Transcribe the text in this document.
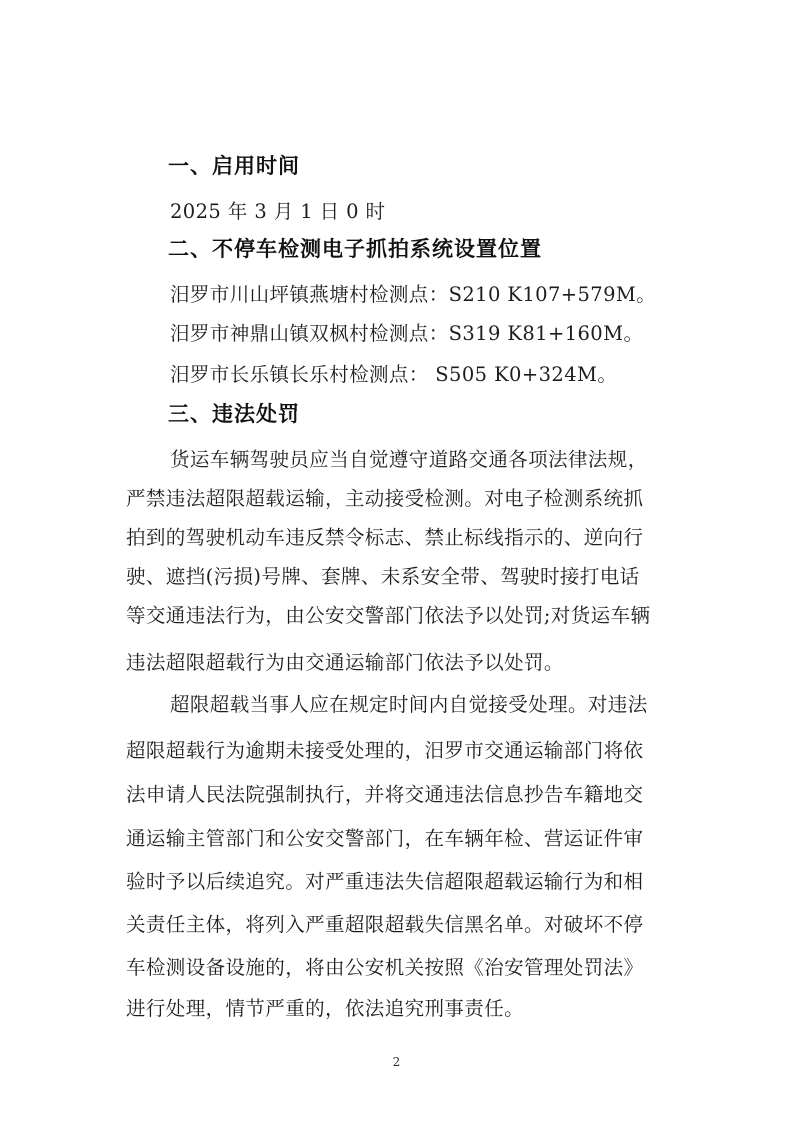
一、启用时间
2025 年 3 月 1 日 0 时
二、不停车检测电子抓拍系统设置位置
汨罗市川山坪镇燕塘村检测点：S210 K107+579M。
汨罗市神鼎山镇双枫村检测点：S319 K81+160M。
汨罗市长乐镇长乐村检测点： S505 K0+324M。
三、违法处罚
货运车辆驾驶员应当自觉遵守道路交通各项法律法规，
严禁违法超限超载运输，主动接受检测。对电子检测系统抓
拍到的驾驶机动车违反禁令标志、禁止标线指示的、逆向行
驶、遮挡(污损)号牌、套牌、未系安全带、驾驶时接打电话
等交通违法行为，由公安交警部门依法予以处罚;对货运车辆
违法超限超载行为由交通运输部门依法予以处罚。
超限超载当事人应在规定时间内自觉接受处理。对违法
超限超载行为逾期未接受处理的，汨罗市交通运输部门将依
法申请人民法院强制执行，并将交通违法信息抄告车籍地交
通运输主管部门和公安交警部门，在车辆年检、营运证件审
验时予以后续追究。对严重违法失信超限超载运输行为和相
关责任主体，将列入严重超限超载失信黑名单。对破坏不停
车检测设备设施的，将由公安机关按照《治安管理处罚法》
进行处理，情节严重的，依法追究刑事责任。
2
